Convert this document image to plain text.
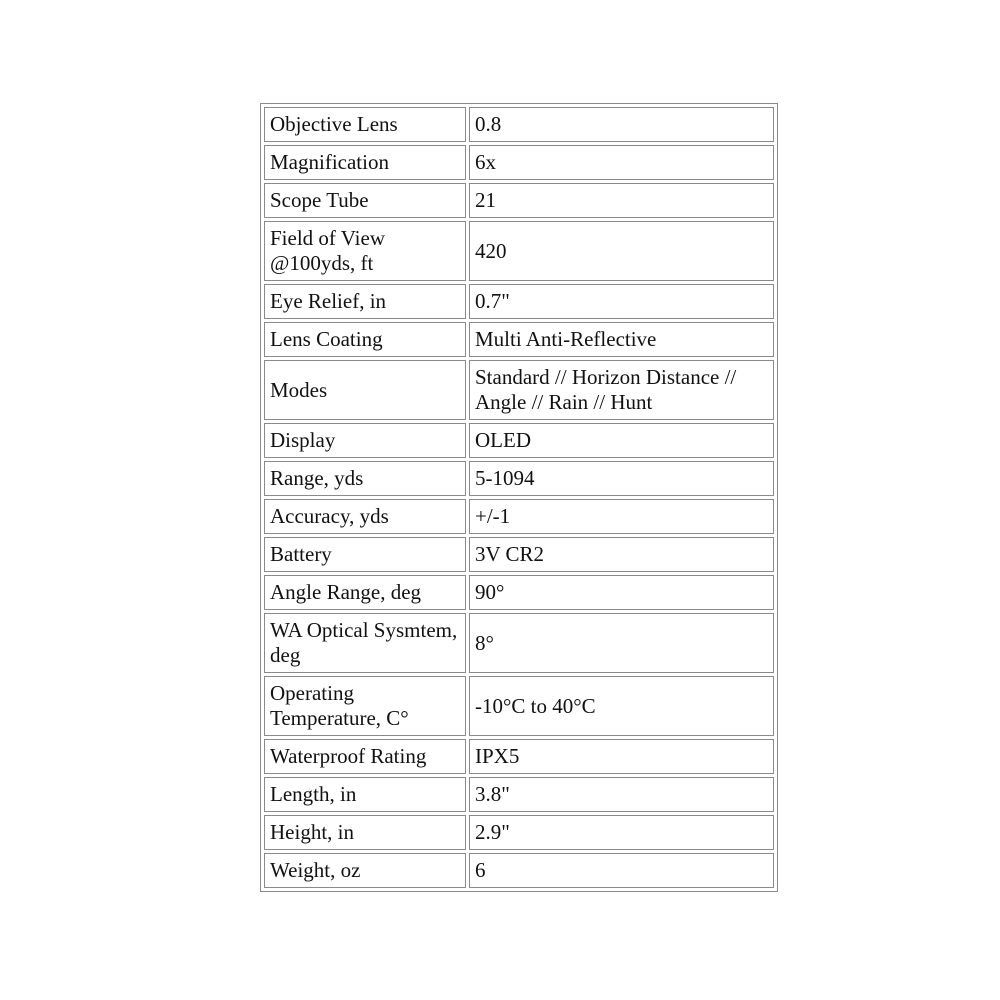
Objective Lens	0.8
Magnification	6x
Scope Tube	21
Field of View @100yds, ft	420
Eye Relief, in	0.7"
Lens Coating	Multi Anti-Reflective
Modes	Standard // Horizon Distance // Angle // Rain // Hunt
Display	OLED
Range, yds	5-1094
Accuracy, yds	+/-1
Battery	3V CR2
Angle Range, deg	90°
WA Optical Sysmtem, deg	8°
Operating Temperature, C°	-10°C to 40°C
Waterproof Rating	IPX5
Length, in	3.8"
Height, in	2.9"
Weight, oz	6
